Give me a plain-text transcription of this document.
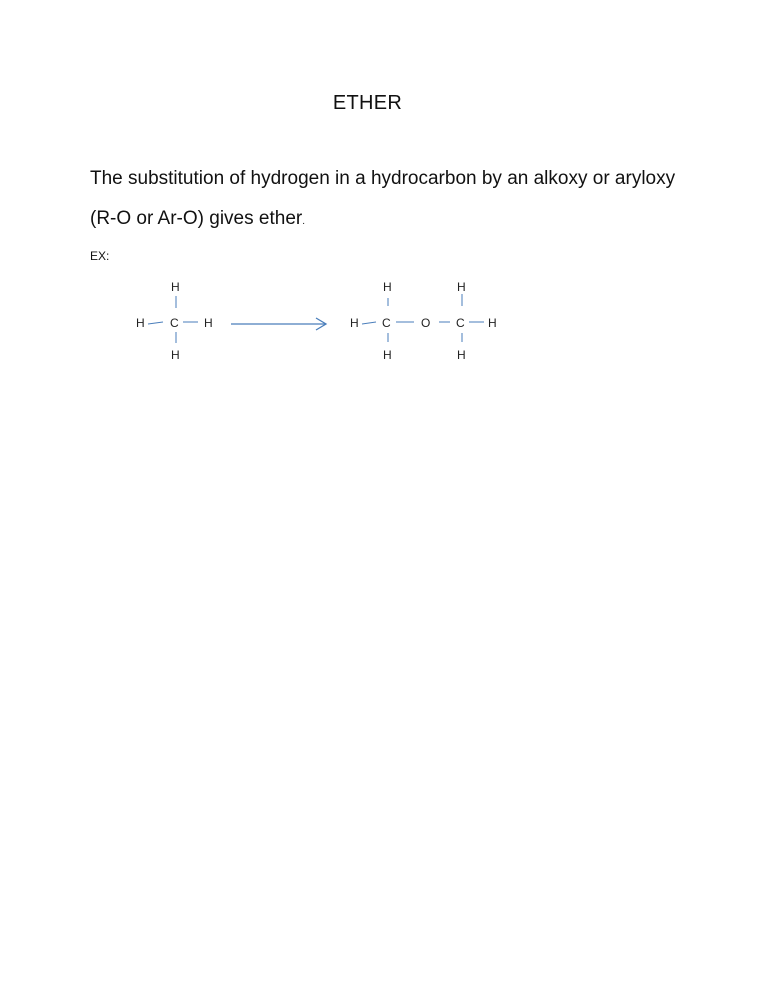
ETHER
The substitution of hydrogen in a hydrocarbon by an alkoxy or aryloxy
(R-O or Ar-O) gives ether.
EX:
H
H C H
H
H	H
H C	O C H
H	H
